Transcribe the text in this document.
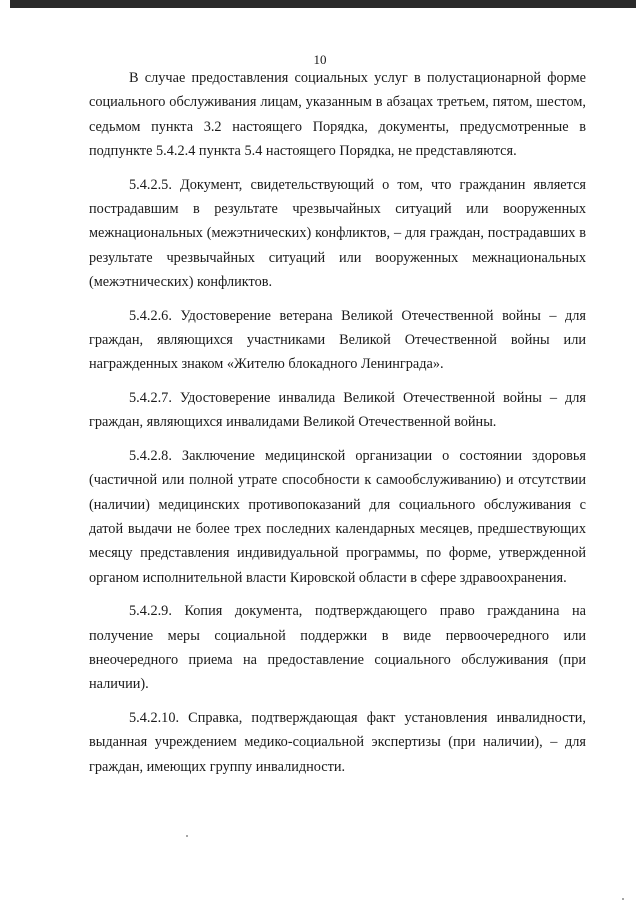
10

В случае предоставления социальных услуг в полустационарной форме социального обслуживания лицам, указанным в абзацах третьем, пятом, шестом, седьмом пункта 3.2 настоящего Порядка, документы, предусмотренные в подпункте 5.4.2.4 пункта 5.4 настоящего Порядка, не представляются.

5.4.2.5. Документ, свидетельствующий о том, что гражданин является пострадавшим в результате чрезвычайных ситуаций или вооруженных межнациональных (межэтнических) конфликтов, – для граждан, пострадавших в результате чрезвычайных ситуаций или вооруженных межнациональных (межэтнических) конфликтов.

5.4.2.6. Удостоверение ветерана Великой Отечественной войны – для граждан, являющихся участниками Великой Отечественной войны или награжденных знаком «Жителю блокадного Ленинграда».

5.4.2.7. Удостоверение инвалида Великой Отечественной войны – для граждан, являющихся инвалидами Великой Отечественной войны.

5.4.2.8. Заключение медицинской организации о состоянии здоровья (частичной или полной утрате способности к самообслуживанию) и отсутствии (наличии) медицинских противопоказаний для социального обслуживания с датой выдачи не более трех последних календарных месяцев, предшествующих месяцу представления индивидуальной программы, по форме, утвержденной органом исполнительной власти Кировской области в сфере здравоохранения.

5.4.2.9. Копия документа, подтверждающего право гражданина на получение меры социальной поддержки в виде первоочередного или внеочередного приема на предоставление социального обслуживания (при наличии).

5.4.2.10. Справка, подтверждающая факт установления инвалидности, выданная учреждением медико-социальной экспертизы (при наличии), – для граждан, имеющих группу инвалидности.
